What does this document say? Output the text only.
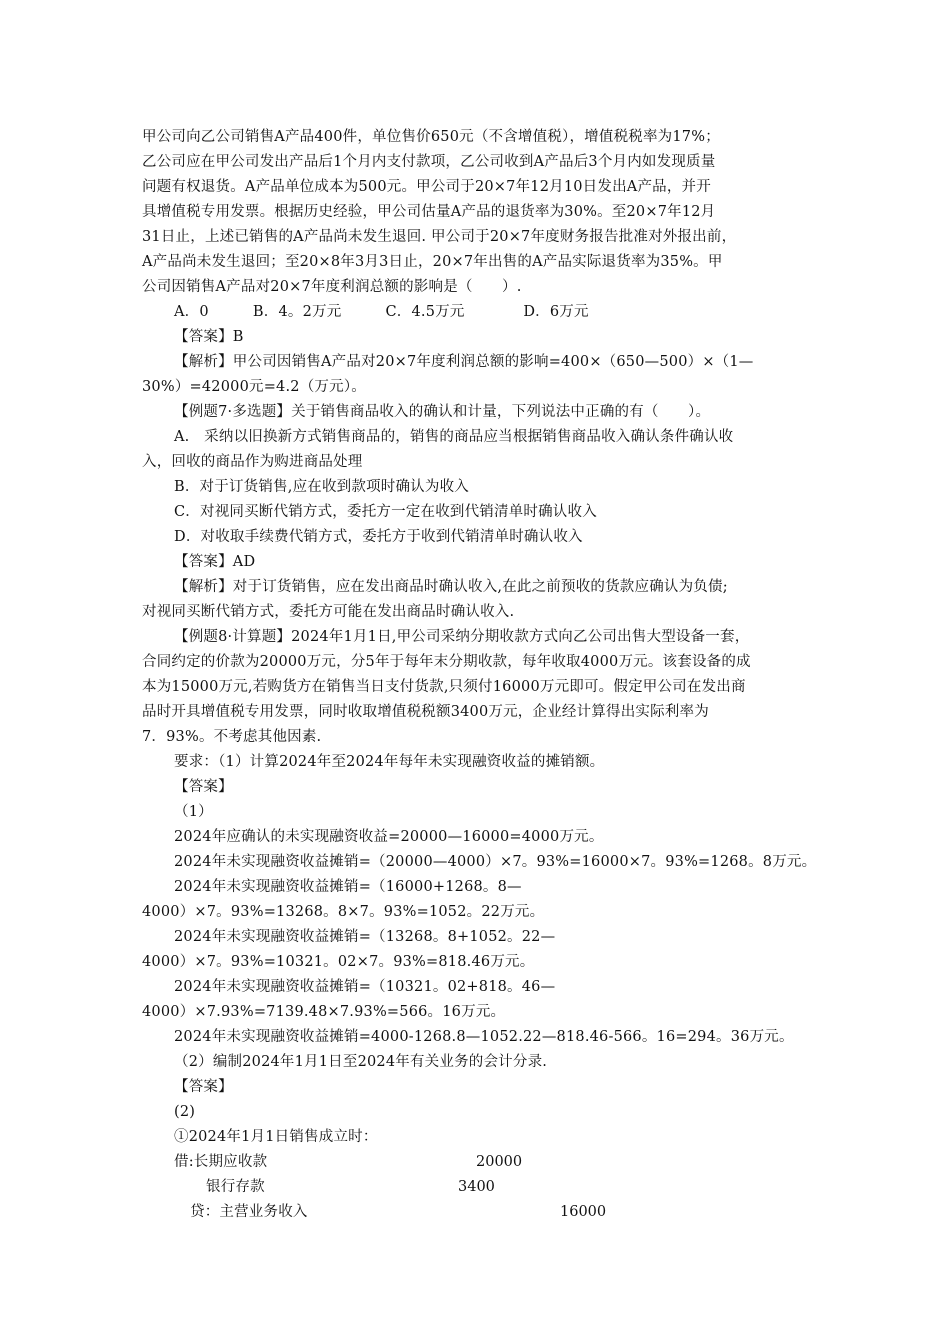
甲公司向乙公司销售A产品400件，单位售价650元（不含增值税），增值税税率为17%；
乙公司应在甲公司发出产品后1个月内支付款项，乙公司收到A产品后3个月内如发现质量
问题有权退货。A产品单位成本为500元。甲公司于20×7年12月10日发出A产品，并开
具增值税专用发票。根据历史经验，甲公司估量A产品的退货率为30%。至20×7年12月
31日止，上述已销售的A产品尚未发生退回. 甲公司于20×7年度财务报告批准对外报出前，
A产品尚未发生退回；至20×8年3月3日止，20×7年出售的A产品实际退货率为35%。甲
公司因销售A产品对20×7年度利润总额的影响是（　　）.
A．0　　　B．4。2万元　　　C．4.5万元　　　　D．6万元
【答案】B
【解析】甲公司因销售A产品对20×7年度利润总额的影响=400×（650—500）×（1—
30%）=42000元=4.2（万元）。
【例题7·多选题】关于销售商品收入的确认和计量，下列说法中正确的有（　　）。
A.　采纳以旧换新方式销售商品的，销售的商品应当根据销售商品收入确认条件确认收
入，回收的商品作为购进商品处理
B．对于订货销售,应在收到款项时确认为收入
C．对视同买断代销方式，委托方一定在收到代销清单时确认收入
D．对收取手续费代销方式，委托方于收到代销清单时确认收入
【答案】AD
【解析】对于订货销售，应在发出商品时确认收入,在此之前预收的货款应确认为负债;
对视同买断代销方式，委托方可能在发出商品时确认收入.
【例题8·计算题】2024年1月1日,甲公司采纳分期收款方式向乙公司出售大型设备一套，
合同约定的价款为20000万元，分5年于每年末分期收款，每年收取4000万元。该套设备的成
本为15000万元,若购货方在销售当日支付货款,只须付16000万元即可。假定甲公司在发出商
品时开具增值税专用发票，同时收取增值税税额3400万元，企业经计算得出实际利率为
7．93%。不考虑其他因素.
要求：（1）计算2024年至2024年每年未实现融资收益的摊销额。
【答案】
（1）
2024年应确认的未实现融资收益=20000—16000=4000万元。
2024年未实现融资收益摊销=（20000—4000）×7。93%=16000×7。93%=1268。8万元。
2024年未实现融资收益摊销=（16000+1268。8—
4000）×7。93%=13268。8×7。93%=1052。22万元。
2024年未实现融资收益摊销=（13268。8+1052。22—
4000）×7。93%=10321。02×7。93%=818.46万元。
2024年未实现融资收益摊销=（10321。02+818。46—
4000）×7.93%=7139.48×7.93%=566。16万元。
2024年未实现融资收益摊销=4000-1268.8—1052.22—818.46-566。16=294。36万元。
（2）编制2024年1月1日至2024年有关业务的会计分录.
【答案】
(2)
①2024年1月1日销售成立时：
借:长期应收款
银行存款
贷：主营业务收入
20000
3400
16000
